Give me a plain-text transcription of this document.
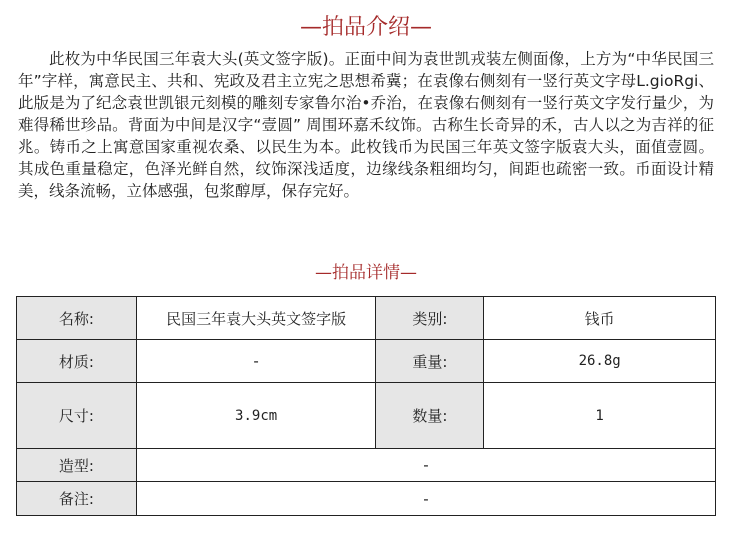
—拍品介绍—

此枚为中华民国三年袁大头(英文签字版)。正面中间为袁世凯戎装左侧面像，上方为“中华民国三年”字样，寓意民主、共和、宪政及君主立宪之思想希冀；在袁像右侧刻有一竖行英文字母L.gioRgi、此版是为了纪念袁世凯银元刻模的雕刻专家鲁尔治•乔治，在袁像右侧刻有一竖行英文字发行量少，为难得稀世珍品。背面为中间是汉字“壹圆” 周围环嘉禾纹饰。古称生长奇异的禾，古人以之为吉祥的征兆。铸币之上寓意国家重视农桑、以民生为本。此枚钱币为民国三年英文签字版袁大头，面值壹圆。其成色重量稳定，色泽光鲜自然，纹饰深浅适度，边缘线条粗细均匀，间距也疏密一致。币面设计精美，线条流畅，立体感强，包浆醇厚，保存完好。

—拍品详情—
名称:	民国三年袁大头英文签字版	类别:	钱币
材质:	-	重量:	26.8g
尺寸:	3.9cm	数量:	1
造型:	-		
备注:	-		
